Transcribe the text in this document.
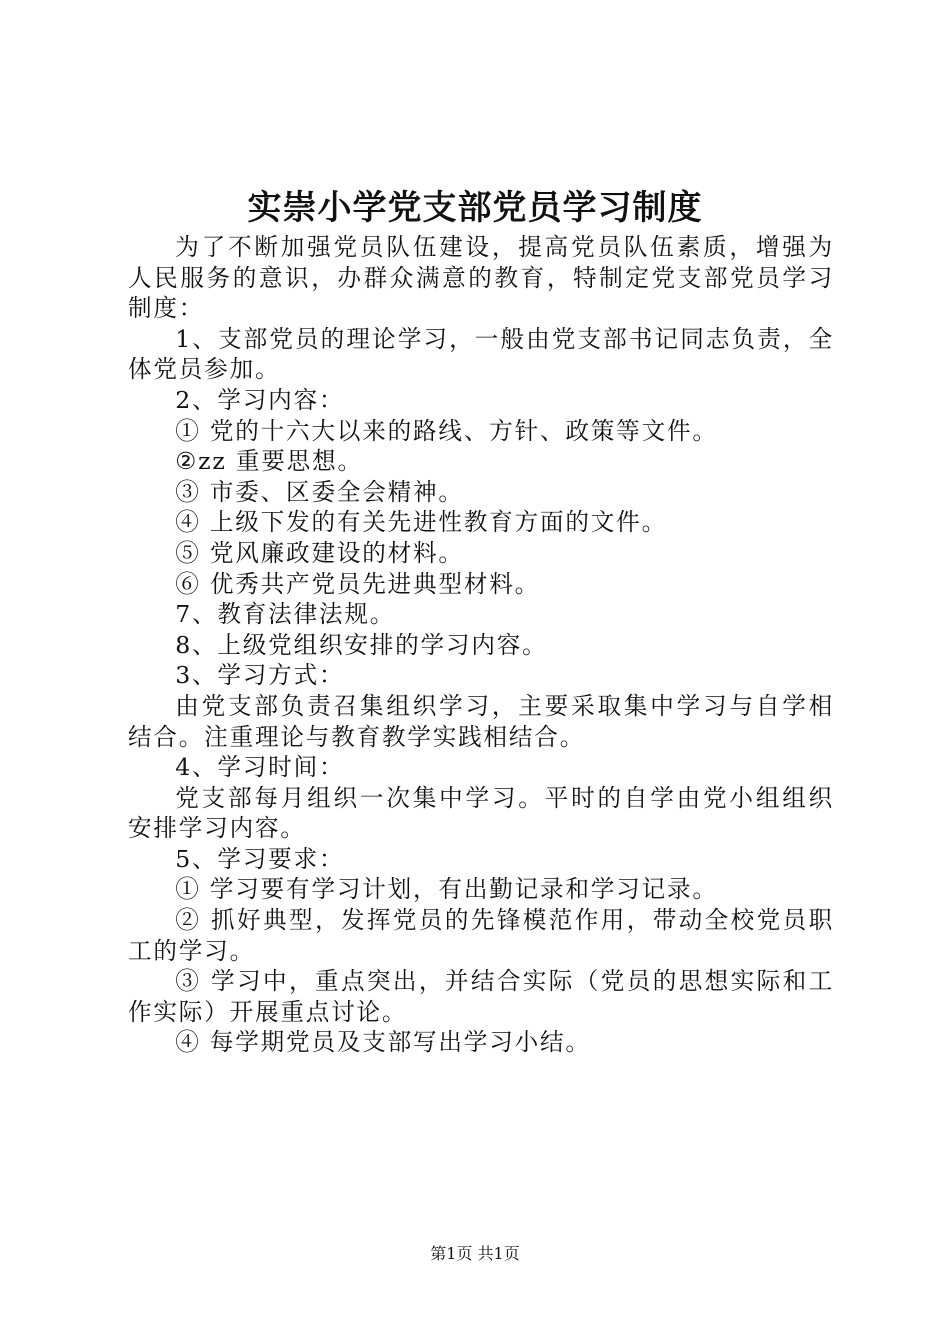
实崇小学党支部党员学习制度

为了不断加强党员队伍建设，提高党员队伍素质，增强为人民服务的意识，办群众满意的教育，特制定党支部党员学习制度：

1、支部党员的理论学习，一般由党支部书记同志负责，全体党员参加。

2、学习内容：

① 党的十六大以来的路线、方针、政策等文件。

②zz 重要思想。

③ 市委、区委全会精神。

④ 上级下发的有关先进性教育方面的文件。

⑤ 党风廉政建设的材料。

⑥ 优秀共产党员先进典型材料。

7、教育法律法规。

8、上级党组织安排的学习内容。

3、学习方式：

由党支部负责召集组织学习，主要采取集中学习与自学相结合。注重理论与教育教学实践相结合。

4、学习时间：

党支部每月组织一次集中学习。平时的自学由党小组组织安排学习内容。

5、学习要求：

① 学习要有学习计划，有出勤记录和学习记录。

② 抓好典型，发挥党员的先锋模范作用，带动全校党员职工的学习。

③ 学习中，重点突出，并结合实际（党员的思想实际和工作实际）开展重点讨论。

④ 每学期党员及支部写出学习小结。

第1页 共1页
